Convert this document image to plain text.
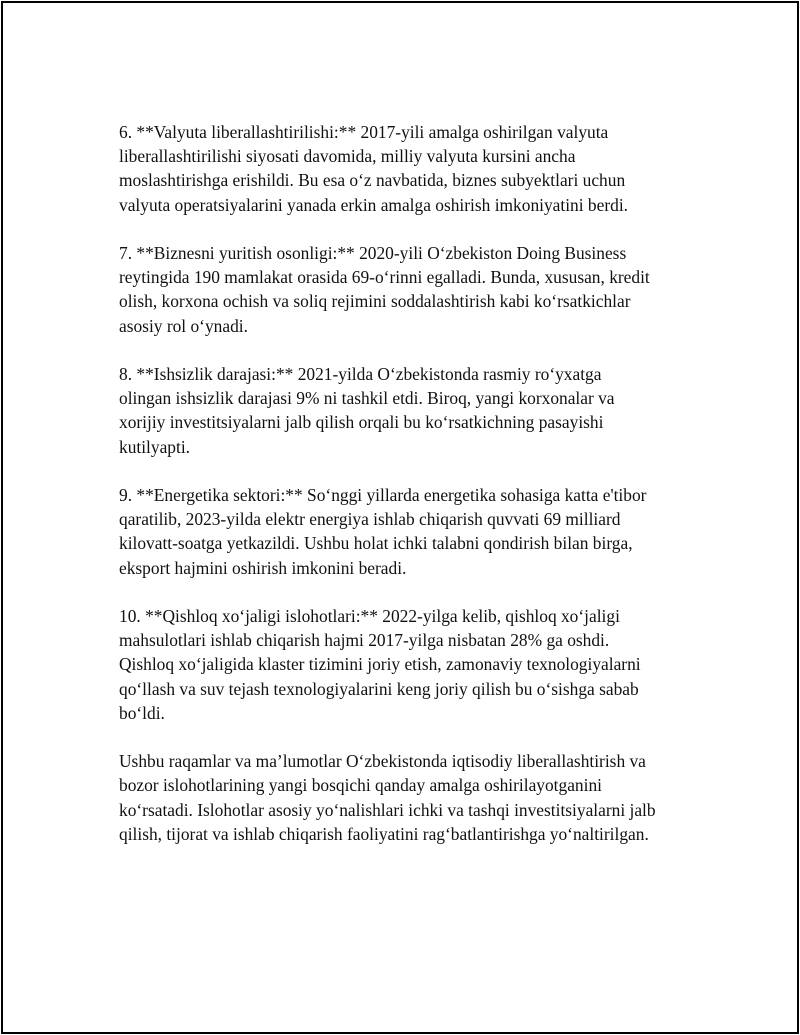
6. **Valyuta liberallashtirilishi:** 2017-yili amalga oshirilgan valyuta
liberallashtirilishi siyosati davomida, milliy valyuta kursini ancha
moslashtirishga erishildi. Bu esa o‘z navbatida, biznes subyektlari uchun
valyuta operatsiyalarini yanada erkin amalga oshirish imkoniyatini berdi.

7. **Biznesni yuritish osonligi:** 2020-yili O‘zbekiston Doing Business
reytingida 190 mamlakat orasida 69-o‘rinni egalladi. Bunda, xususan, kredit
olish, korxona ochish va soliq rejimini soddalashtirish kabi ko‘rsatkichlar
asosiy rol o‘ynadi.

8. **Ishsizlik darajasi:** 2021-yilda O‘zbekistonda rasmiy ro‘yxatga
olingan ishsizlik darajasi 9% ni tashkil etdi. Biroq, yangi korxonalar va
xorijiy investitsiyalarni jalb qilish orqali bu ko‘rsatkichning pasayishi
kutilyapti.

9. **Energetika sektori:** So‘nggi yillarda energetika sohasiga katta e'tibor
qaratilib, 2023-yilda elektr energiya ishlab chiqarish quvvati 69 milliard
kilovatt-soatga yetkazildi. Ushbu holat ichki talabni qondirish bilan birga,
eksport hajmini oshirish imkonini beradi.

10. **Qishloq xo‘jaligi islohotlari:** 2022-yilga kelib, qishloq xo‘jaligi
mahsulotlari ishlab chiqarish hajmi 2017-yilga nisbatan 28% ga oshdi.
Qishloq xo‘jaligida klaster tizimini joriy etish, zamonaviy texnologiyalarni
qo‘llash va suv tejash texnologiyalarini keng joriy qilish bu o‘sishga sabab
bo‘ldi.

Ushbu raqamlar va ma’lumotlar O‘zbekistonda iqtisodiy liberallashtirish va
bozor islohotlarining yangi bosqichi qanday amalga oshirilayotganini
ko‘rsatadi. Islohotlar asosiy yo‘nalishlari ichki va tashqi investitsiyalarni jalb
qilish, tijorat va ishlab chiqarish faoliyatini rag‘batlantirishga yo‘naltirilgan.
